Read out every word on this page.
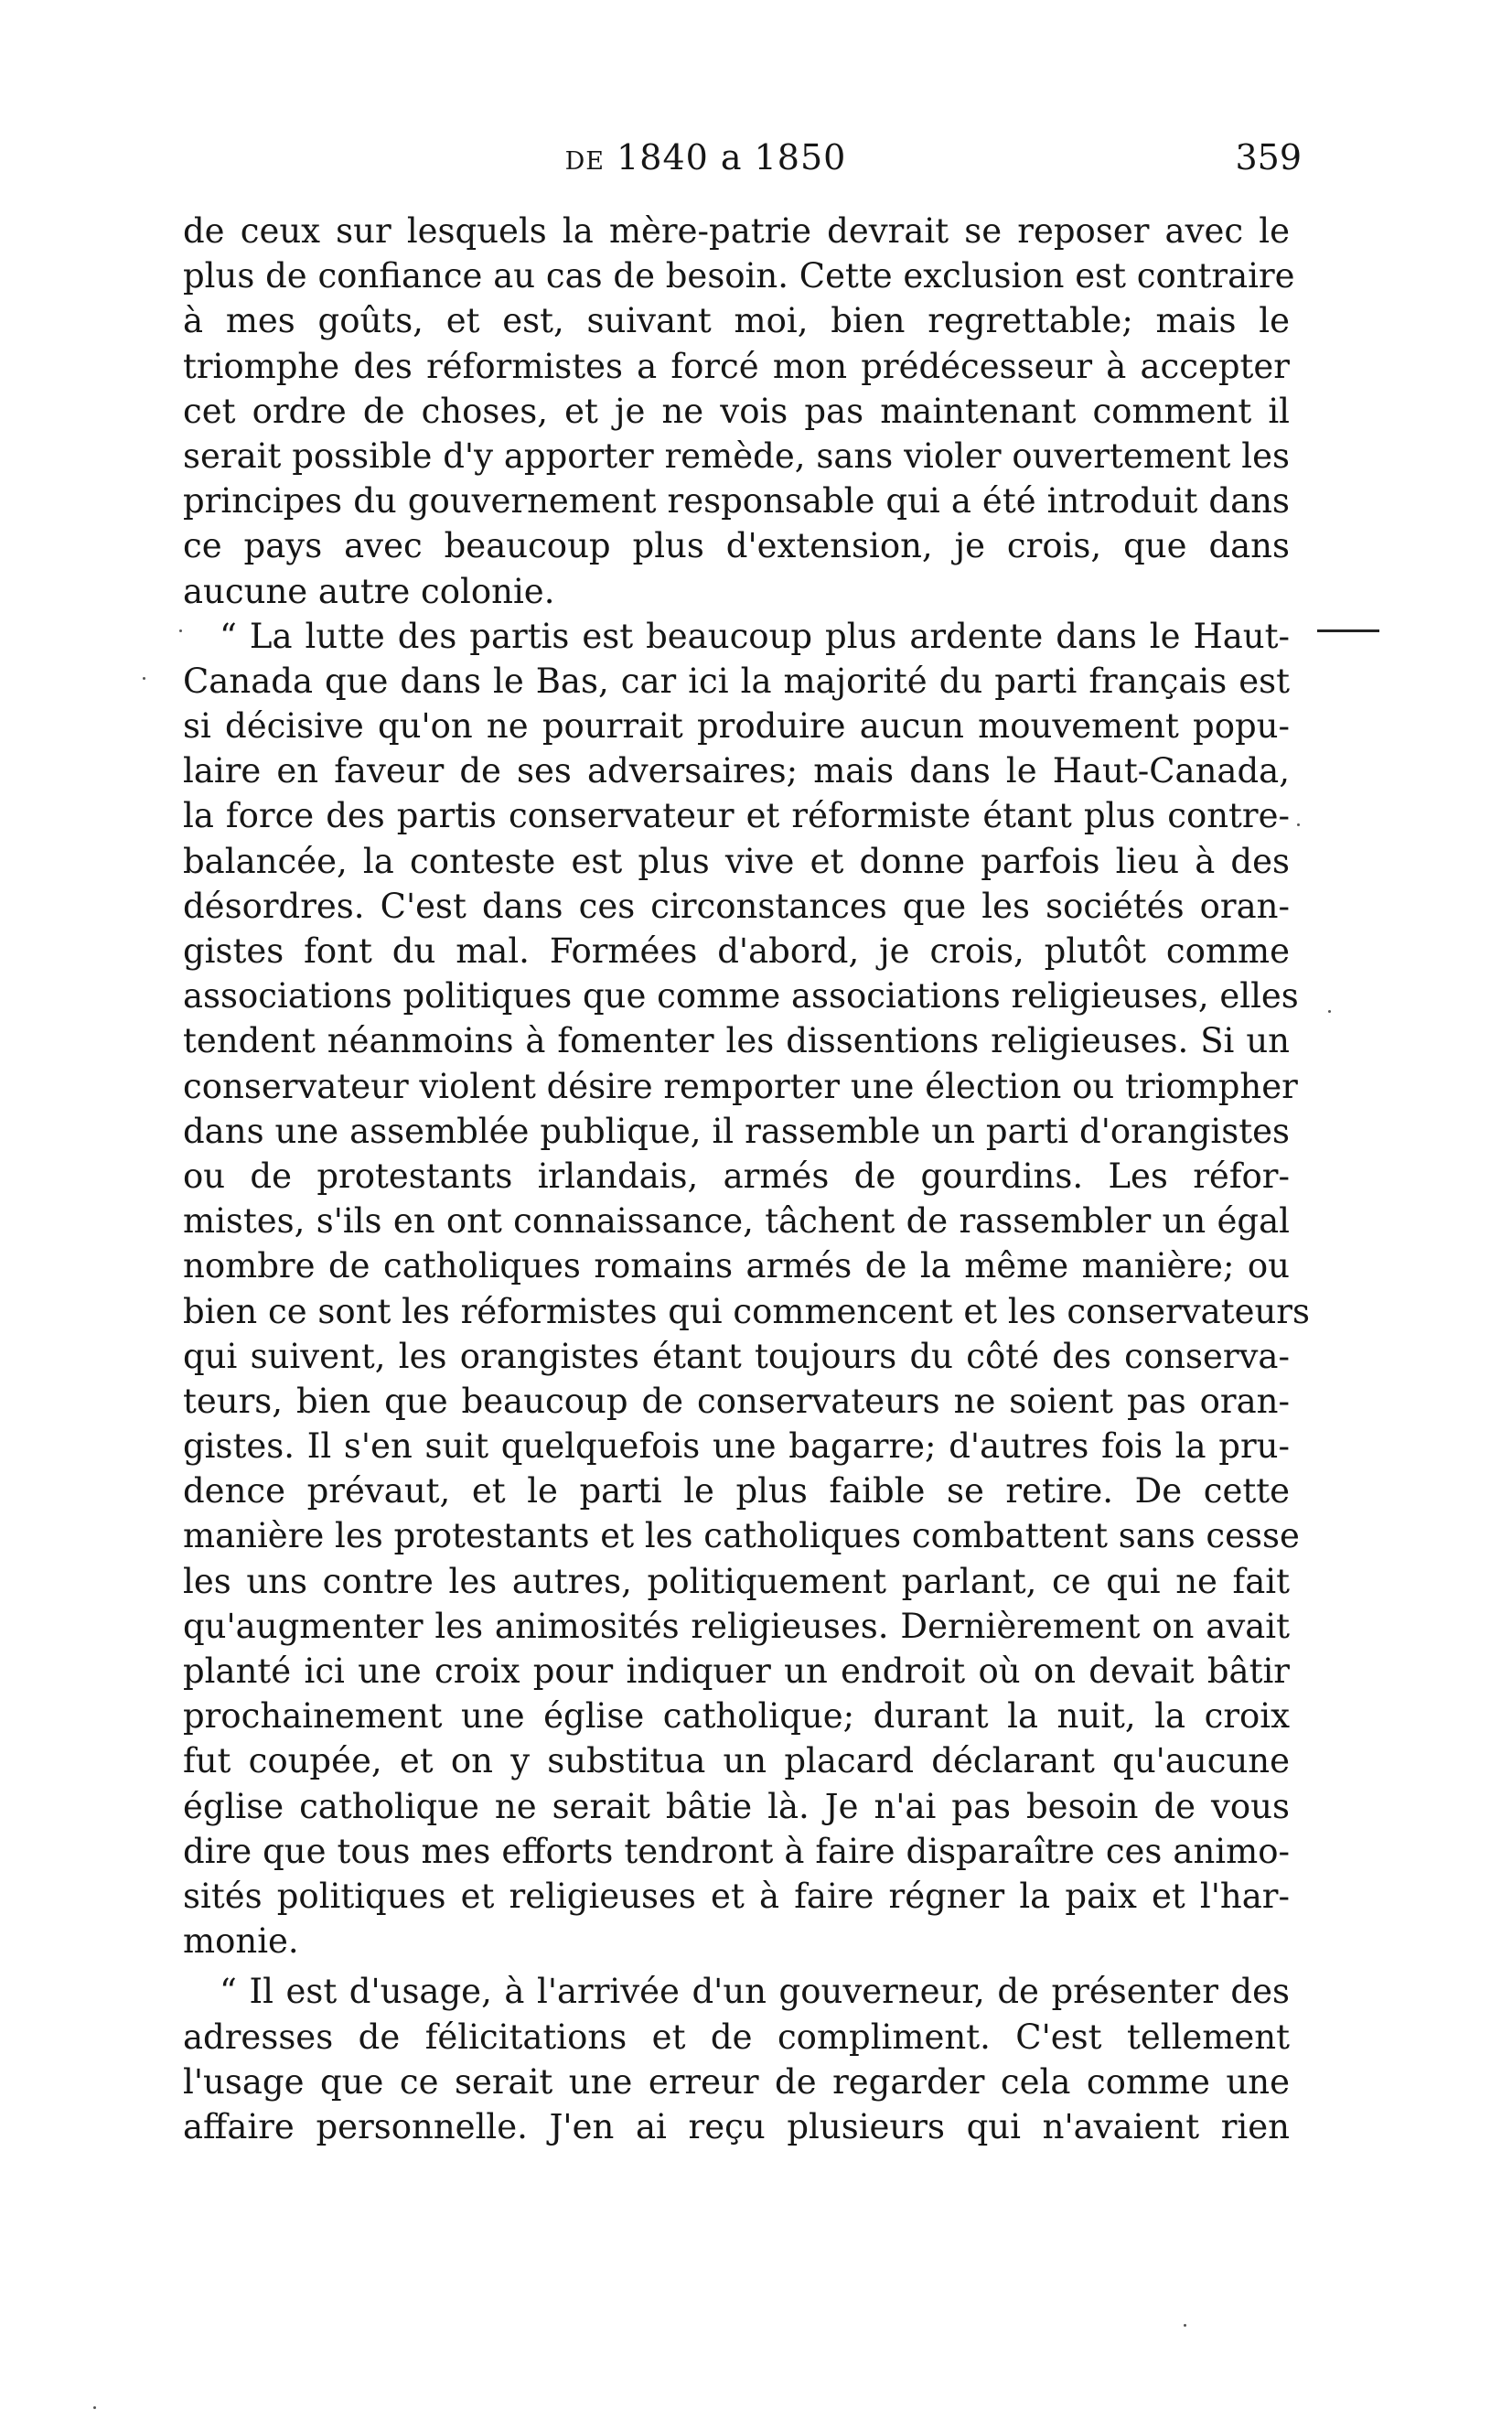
de 1840 a 1850	359
de ceux sur lesquels la mère-patrie devrait se reposer avec le
plus de confiance au cas de besoin. Cette exclusion est contraire
à mes goûts, et est, suivant moi, bien regrettable; mais le
triomphe des réformistes a forcé mon prédécesseur à accepter
cet ordre de choses, et je ne vois pas maintenant comment il
serait possible d'y apporter remède, sans violer ouvertement les
principes du gouvernement responsable qui a été introduit dans
ce pays avec beaucoup plus d'extension, je crois, que dans
aucune autre colonie.
“ La lutte des partis est beaucoup plus ardente dans le Haut-
Canada que dans le Bas, car ici la majorité du parti français est
si décisive qu'on ne pourrait produire aucun mouvement popu-
laire en faveur de ses adversaires; mais dans le Haut-Canada,
la force des partis conservateur et réformiste étant plus contre-
balancée, la conteste est plus vive et donne parfois lieu à des
désordres. C'est dans ces circonstances que les sociétés oran-
gistes font du mal. Formées d'abord, je crois, plutôt comme
associations politiques que comme associations religieuses, elles
tendent néanmoins à fomenter les dissentions religieuses. Si un
conservateur violent désire remporter une élection ou triompher
dans une assemblée publique, il rassemble un parti d'orangistes
ou de protestants irlandais, armés de gourdins. Les réfor-
mistes, s'ils en ont connaissance, tâchent de rassembler un égal
nombre de catholiques romains armés de la même manière; ou
bien ce sont les réformistes qui commencent et les conservateurs
qui suivent, les orangistes étant toujours du côté des conserva-
teurs, bien que beaucoup de conservateurs ne soient pas oran-
gistes. Il s'en suit quelquefois une bagarre; d'autres fois la pru-
dence prévaut, et le parti le plus faible se retire. De cette
manière les protestants et les catholiques combattent sans cesse
les uns contre les autres, politiquement parlant, ce qui ne fait
qu'augmenter les animosités religieuses. Dernièrement on avait
planté ici une croix pour indiquer un endroit où on devait bâtir
prochainement une église catholique; durant la nuit, la croix
fut coupée, et on y substitua un placard déclarant qu'aucune
église catholique ne serait bâtie là. Je n'ai pas besoin de vous
dire que tous mes efforts tendront à faire disparaître ces animo-
sités politiques et religieuses et à faire régner la paix et l'har-
monie.
“ Il est d'usage, à l'arrivée d'un gouverneur, de présenter des
adresses de félicitations et de compliment. C'est tellement
l'usage que ce serait une erreur de regarder cela comme une
affaire personnelle. J'en ai reçu plusieurs qui n'avaient rien
